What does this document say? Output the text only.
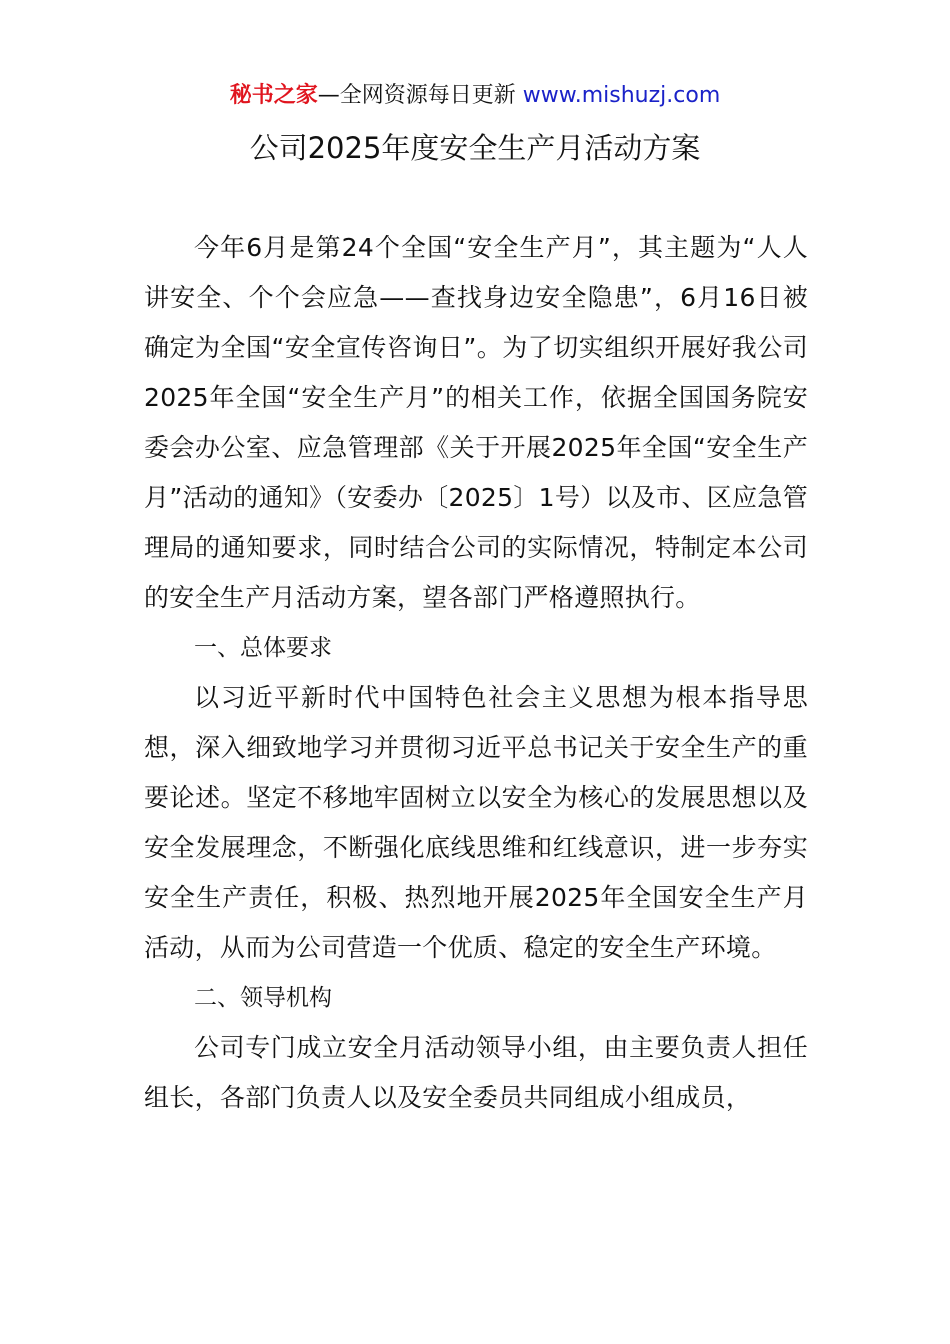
秘书之家—全网资源每日更新 www.mishuzj.com
公司2025年度安全生产月活动方案

今年6月是第24个全国“安全生产月”，其主题为“人人讲安全、个个会应急——查找身边安全隐患”，6月16日被确定为全国“安全宣传咨询日”。为了切实组织开展好我公司2025年全国“安全生产月”的相关工作，依据全国国务院安委会办公室、应急管理部《关于开展2025年全国“安全生产月”活动的通知》（安委办〔2025〕1号）以及市、区应急管理局的通知要求，同时结合公司的实际情况，特制定本公司的安全生产月活动方案，望各部门严格遵照执行。

一、总体要求

以习近平新时代中国特色社会主义思想为根本指导思想，深入细致地学习并贯彻习近平总书记关于安全生产的重要论述。坚定不移地牢固树立以安全为核心的发展思想以及安全发展理念，不断强化底线思维和红线意识，进一步夯实安全生产责任，积极、热烈地开展2025年全国安全生产月活动，从而为公司营造一个优质、稳定的安全生产环境。

二、领导机构

公司专门成立安全月活动领导小组，由主要负责人担任组长，各部门负责人以及安全委员共同组成小组成员，
